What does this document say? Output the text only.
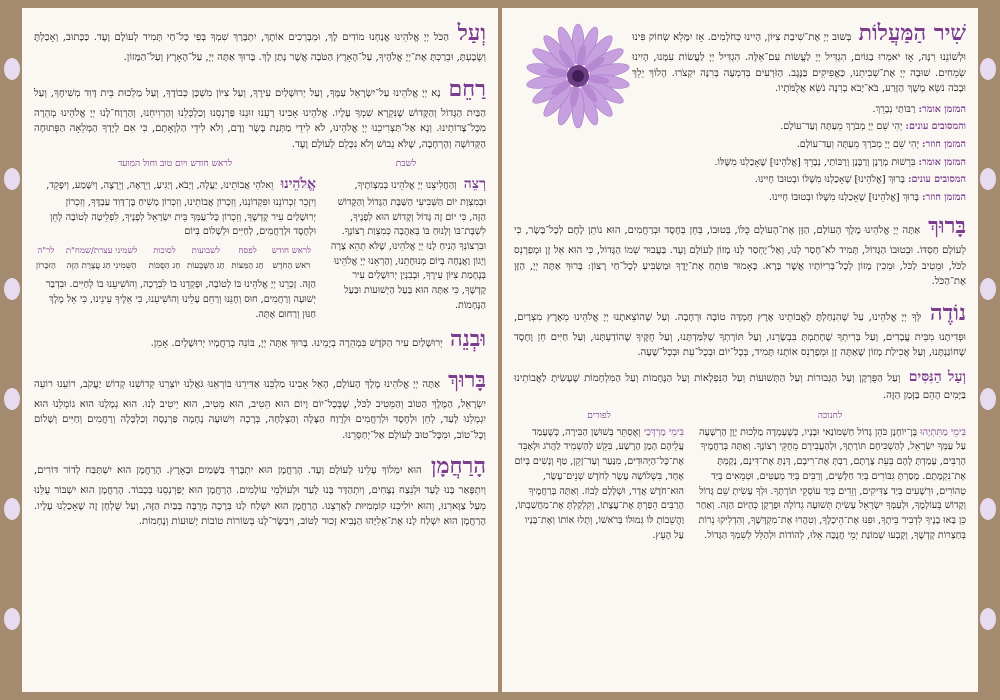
שִׁיר הַמַּעֲלוֹת בְּשׁוּב יְיָ אֶת־שִׁיבַת צִיּוֹן, הָיִינוּ כְּחֹלְמִים. אָז יִמָּלֵא שְׂחוֹק פִּינוּ וּלְשׁוֹנֵנוּ רִנָּה, אָז יֹאמְרוּ בַגּוֹיִם, הִגְדִּיל יְיָ לַעֲשׂוֹת עִם־אֵלֶּה. הִגְדִּיל יְיָ לַעֲשׂוֹת עִמָּנוּ, הָיִינוּ שְׂמֵחִים. שׁוּבָה יְיָ אֶת־שְׁבִיתֵנוּ, כַּאֲפִיקִים בַּנֶּגֶב. הַזֹּרְעִים בְּדִמְעָה בְּרִנָּה יִקְצֹרוּ. הָלוֹךְ יֵלֵךְ וּבָכֹה נֹשֵׂא מֶשֶׁךְ הַזָּרַע, בֹּא־יָבֹא בְרִנָּה נֹשֵׂא אֲלֻמֹּתָיו.

המזמן אומר: רַבּוֹתַי נְבָרֵךְ.
והמסובים עונים: יְהִי שֵׁם יְיָ מְבֹרָךְ מֵעַתָּה וְעַד־עוֹלָם.
המזמן חוזר: יְהִי שֵׁם יְיָ מְבֹרָךְ מֵעַתָּה וְעַד־עוֹלָם.
המזמן אומר: בִּרְשׁוּת מָרָנָן וְרַבָּנָן וְרַבּוֹתַי, נְבָרֵךְ [אֱלֹהֵינוּ] שֶׁאָכַלְנוּ מִשֶּׁלּוֹ.
המסובים עונים: בָּרוּךְ [אֱלֹהֵינוּ] שֶׁאָכַלְנוּ מִשֶּׁלּוֹ וּבְטוּבוֹ חָיִינוּ.
המזמן חוזר: בָּרוּךְ [אֱלֹהֵינוּ] שֶׁאָכַלְנוּ מִשֶּׁלּוֹ וּבְטוּבוֹ חָיִינוּ.

בָּרוּךְ אַתָּה יְיָ אֱלֹהֵינוּ מֶלֶךְ הָעוֹלָם, הַזָּן אֶת־הָעוֹלָם כֻּלּוֹ, בְּטוּבוֹ, בְּחֵן בְּחֶסֶד וּבְרַחֲמִים, הוּא נוֹתֵן לֶחֶם לְכָל־בָּשָׂר, כִּי לְעוֹלָם חַסְדּוֹ. וּבְטוּבוֹ הַגָּדוֹל, תָּמִיד לֹא־חָסַר לָנוּ, וְאַל־יֶחְסַר לָנוּ מָזוֹן לְעוֹלָם וָעֶד. בַּעֲבוּר שְׁמוֹ הַגָּדוֹל, כִּי הוּא אֵל זָן וּמְפַרְנֵס לַכֹּל, וּמֵטִיב לַכֹּל, וּמֵכִין מָזוֹן לְכָל־בְּרִיּוֹתָיו אֲשֶׁר בָּרָא. כָּאָמוּר פּוֹתֵחַ אֶת־יָדֶךָ וּמַשְׂבִּיעַ לְכָל־חַי רָצוֹן: בָּרוּךְ אַתָּה יְיָ, הַזָּן אֶת־הַכֹּל.

נוֹדֶה לְּךָ יְיָ אֱלֹהֵינוּ, עַל שֶׁהִנְחַלְתָּ לַאֲבוֹתֵינוּ אֶרֶץ חֶמְדָּה טוֹבָה וּרְחָבָה. וְעַל שֶׁהוֹצֵאתָנוּ יְיָ אֱלֹהֵינוּ מֵאֶרֶץ מִצְרַיִם, וּפְדִיתָנוּ מִבֵּית עֲבָדִים, וְעַל בְּרִיתְךָ שֶׁחָתַמְתָּ בִּבְשָׂרֵנוּ, וְעַל תּוֹרָתְךָ שֶׁלִּמַּדְתָּנוּ, וְעַל חֻקֶּיךָ שֶׁהוֹדַעְתָּנוּ, וְעַל חַיִּים חֵן וָחֶסֶד שֶׁחוֹנַנְתָּנוּ, וְעַל אֲכִילַת מָזוֹן שָׁאַתָּה זָן וּמְפַרְנֵס אוֹתָנוּ תָּמִיד, בְּכָל־יוֹם וּבְכָל־עֵת וּבְכָל־שָׁעָה.

וְעַל הַנִּסִּים וְעַל הַפֻּרְקָן וְעַל הַגְּבוּרוֹת וְעַל הַתְּשׁוּעוֹת וְעַל הַנִּפְלָאוֹת וְעַל הַנֶּחָמוֹת וְעַל הַמִּלְחָמוֹת שֶׁעָשִׂיתָ לַאֲבוֹתֵינוּ בַּיָּמִים הָהֵם בַּזְּמַן הַזֶּה.

לחנוכה
בִּימֵי מַתִּתְיָהוּ בֶּן־יוֹחָנָן כֹּהֵן גָּדוֹל חַשְׁמוֹנַאי וּבָנָיו, כְּשֶׁעָמְדָה מַלְכוּת יָוָן הָרְשָׁעָה עַל עַמְּךָ יִשְׂרָאֵל, לְהַשְׁכִּיחָם תּוֹרָתֶךָ, וּלְהַעֲבִירָם מֵחֻקֵּי רְצוֹנֶךָ. וְאַתָּה בְּרַחֲמֶיךָ הָרַבִּים, עָמַדְתָּ לָהֶם בְּעֵת צָרָתָם, רַבְתָּ אֶת־רִיבָם, דַּנְתָּ אֶת־דִּינָם, נָקַמְתָּ אֶת־נִקְמָתָם. מָסַרְתָּ גִּבּוֹרִים בְּיַד חַלָּשִׁים, וְרַבִּים בְּיַד מְעַטִּים, וּטְמֵאִים בְּיַד טְהוֹרִים, וּרְשָׁעִים בְּיַד צַדִּיקִים, וְזֵדִים בְּיַד עוֹסְקֵי תוֹרָתֶךָ. וּלְךָ עָשִׂיתָ שֵׁם גָּדוֹל וְקָדוֹשׁ בְּעוֹלָמֶךָ, וּלְעַמְּךָ יִשְׂרָאֵל עָשִׂיתָ תְּשׁוּעָה גְדוֹלָה וּפֻרְקָן כְּהַיּוֹם הַזֶּה. וְאַחַר כֵּן בָּאוּ בָנֶיךָ לִדְבִיר בֵּיתֶךָ, וּפִנּוּ אֶת־הֵיכָלֶךָ, וְטִהֲרוּ אֶת־מִקְדָּשֶׁךָ, וְהִדְלִיקוּ נֵרוֹת בְּחַצְרוֹת קָדְשֶׁךָ, וְקָבְעוּ שְׁמוֹנַת יְמֵי חֲנֻכָּה אֵלּוּ, לְהוֹדוֹת וּלְהַלֵּל לְשִׁמְךָ הַגָּדוֹל.
לפורים
בִּימֵי מָרְדְּכַי וְאֶסְתֵּר בְּשׁוּשַׁן הַבִּירָה, כְּשֶׁעָמַד עֲלֵיהֶם הָמָן הָרָשָׁע, בִּקֵּשׁ לְהַשְׁמִיד לַהֲרֹג וּלְאַבֵּד אֶת־כָּל־הַיְּהוּדִים, מִנַּעַר וְעַד־זָקֵן, טַף וְנָשִׁים בְּיוֹם אֶחָד, בִּשְׁלוֹשָׁה עָשָׂר לְחֹדֶשׁ שְׁנֵים־עָשָׂר, הוּא־חֹדֶשׁ אֲדָר, וּשְׁלָלָם לָבוֹז. וְאַתָּה בְּרַחֲמֶיךָ הָרַבִּים הֵפַרְתָּ אֶת־עֲצָתוֹ, וְקִלְקַלְתָּ אֶת־מַחֲשַׁבְתּוֹ, וַהֲשֵׁבוֹתָ לּוֹ גְּמוּלוֹ בְּרֹאשׁוֹ, וְתָלוּ אוֹתוֹ וְאֶת־בָּנָיו עַל הָעֵץ.

וְעַל הַכֹּל יְיָ אֱלֹהֵינוּ אֲנַחְנוּ מוֹדִים לָךְ, וּמְבָרְכִים אוֹתָךְ, יִתְבָּרַךְ שִׁמְךָ בְּפִי כָּל־חַי תָּמִיד לְעוֹלָם וָעֶד. כַּכָּתוּב, וְאָכַלְתָּ וְשָׂבָעְתָּ, וּבֵרַכְתָּ אֶת־יְיָ אֱלֹהֶיךָ, עַל־הָאָרֶץ הַטֹּבָה אֲשֶׁר נָתַן לָךְ. בָּרוּךְ אַתָּה יְיָ, עַל־הָאָרֶץ וְעַל־הַמָּזוֹן.

רַחֵם נָא יְיָ אֱלֹהֵינוּ עַל־יִשְׂרָאֵל עַמֶּךָ, וְעַל יְרוּשָׁלַיִם עִירֶךָ, וְעַל צִיּוֹן מִשְׁכַּן כְּבוֹדֶךָ, וְעַל מַלְכוּת בֵּית דָּוִד מְשִׁיחֶךָ, וְעַל הַבַּיִת הַגָּדוֹל וְהַקָּדוֹשׁ שֶׁנִּקְרָא שִׁמְךָ עָלָיו. אֱלֹהֵינוּ אָבִינוּ רְעֵנוּ זוּנֵנוּ פַּרְנְסֵנוּ וְכַלְכְּלֵנוּ וְהַרְוִיחֵנוּ, וְהַרְוַח־לָנוּ יְיָ אֱלֹהֵינוּ מְהֵרָה מִכָּל־צָרוֹתֵינוּ. וְנָא אַל־תַּצְרִיכֵנוּ יְיָ אֱלֹהֵינוּ, לֹא לִידֵי מַתְּנַת בָּשָׂר וָדָם, וְלֹא לִידֵי הַלְוָאָתָם, כִּי אִם לְיָדְךָ הַמְּלֵאָה הַפְּתוּחָה הַקְּדוֹשָׁה וְהָרְחָבָה, שֶׁלֹּא נֵבוֹשׁ וְלֹא נִכָּלֵם לְעוֹלָם וָעֶד.

לשבת
רְצֵה וְהַחֲלִיצֵנוּ יְיָ אֱלֹהֵינוּ בְּמִצְוֹתֶיךָ, וּבְמִצְוַת יוֹם הַשְּׁבִיעִי הַשַּׁבָּת הַגָּדוֹל וְהַקָּדוֹשׁ הַזֶּה, כִּי יוֹם זֶה גָּדוֹל וְקָדוֹשׁ הוּא לְפָנֶיךָ, לִשְׁבָּת־בּוֹ וְלָנוּחַ בּוֹ בְּאַהֲבָה כְּמִצְוַת רְצוֹנֶךָ. וּבִרְצוֹנְךָ הָנִיחַ לָנוּ יְיָ אֱלֹהֵינוּ, שֶׁלֹּא תְהֵא צָרָה וְיָגוֹן וַאֲנָחָה בְּיוֹם מְנוּחָתֵנוּ, וְהַרְאֵנוּ יְיָ אֱלֹהֵינוּ בְּנֶחָמַת צִיּוֹן עִירֶךָ, וּבְבִנְיַן יְרוּשָׁלַיִם עִיר קָדְשֶׁךָ, כִּי אַתָּה הוּא בַּעַל הַיְשׁוּעוֹת וּבַעַל הַנֶּחָמוֹת.
לראש חודש ויום טוב וחול המועד
אֱלֹהֵינוּ וֵאלֹהֵי אֲבוֹתֵינוּ, יַעֲלֶה, וְיָבֹא, וְיַגִּיעַ, וְיֵרָאֶה, וְיֵרָצֶה, וְיִשָּׁמַע, וְיִפָּקֵד, וְיִזָּכֵר זִכְרוֹנֵנוּ וּפִקְדוֹנֵנוּ, וְזִכְרוֹן אֲבוֹתֵינוּ, וְזִכְרוֹן מָשִׁיחַ בֶּן־דָּוִד עַבְדֶּךָ, וְזִכְרוֹן יְרוּשָׁלַיִם עִיר קָדְשֶׁךָ, וְזִכְרוֹן כָּל־עַמְּךָ בֵּית יִשְׂרָאֵל לְפָנֶיךָ, לִפְלֵיטָה לְטוֹבָה לְחֵן וּלְחֶסֶד וּלְרַחֲמִים, לְחַיִּים וּלְשָׁלוֹם בְּיוֹם
לראש חודש	לפסח	לשבועות	לסוכות	לשמיני עצרת/שמח"ת	לר"ה
רֹאשׁ הַחֹדֶשׁ	חַג הַמַּצּוֹת	חַג הַשָּׁבֻעוֹת	חַג הַסֻּכּוֹת	הַשְּׁמִינִי חַג עֲצֶרֶת הַזֶּה	הַזִּכָּרוֹן
הַזֶּה. זָכְרֵנוּ יְיָ אֱלֹהֵינוּ בּוֹ לְטוֹבָה, וּפָקְדֵנוּ בוֹ לִבְרָכָה, וְהוֹשִׁיעֵנוּ בוֹ לְחַיִּים. וּבִדְבַר יְשׁוּעָה וְרַחֲמִים, חוּס וְחָנֵּנוּ וְרַחֵם עָלֵינוּ וְהוֹשִׁיעֵנוּ, כִּי אֵלֶיךָ עֵינֵינוּ, כִּי אֵל מֶלֶךְ חַנּוּן וְרַחוּם אָתָּה.

וּבְנֵה יְרוּשָׁלַיִם עִיר הַקֹּדֶשׁ בִּמְהֵרָה בְיָמֵינוּ. בָּרוּךְ אַתָּה יְיָ, בּוֹנֵה בְרַחֲמָיו יְרוּשָׁלָיִם. אָמֵן.

בָּרוּךְ אַתָּה יְיָ אֱלֹהֵינוּ מֶלֶךְ הָעוֹלָם, הָאֵל אָבִינוּ מַלְכֵּנוּ אַדִּירֵנוּ בּוֹרְאֵנוּ גֹּאֲלֵנוּ יוֹצְרֵנוּ קְדוֹשֵׁנוּ קְדוֹשׁ יַעֲקֹב, רוֹעֵנוּ רוֹעֵה יִשְׂרָאֵל, הַמֶּלֶךְ הַטּוֹב וְהַמֵּטִיב לַכֹּל, שֶׁבְּכָל־יוֹם וָיוֹם הוּא הֵטִיב, הוּא מֵטִיב, הוּא יֵיטִיב לָנוּ. הוּא גְמָלָנוּ הוּא גוֹמְלֵנוּ הוּא יִגְמְלֵנוּ לָעַד, לְחֵן וּלְחֶסֶד וּלְרַחֲמִים וּלְרֶוַח הַצָּלָה וְהַצְלָחָה, בְּרָכָה וִישׁוּעָה נֶחָמָה פַּרְנָסָה וְכַלְכָּלָה וְרַחֲמִים וְחַיִּים וְשָׁלוֹם וְכָל־טוֹב, וּמִכָּל־טוּב לְעוֹלָם אַל־יְחַסְּרֵנוּ.

הָרַחֲמָן הוּא יִמְלוֹךְ עָלֵינוּ לְעוֹלָם וָעֶד. הָרַחֲמָן הוּא יִתְבָּרַךְ בַּשָּׁמַיִם וּבָאָרֶץ. הָרַחֲמָן הוּא יִשְׁתַּבַּח לְדוֹר דּוֹרִים, וְיִתְפָּאַר בָּנוּ לָעַד וּלְנֵצַח נְצָחִים, וְיִתְהַדַּר בָּנוּ לָעַד וּלְעוֹלְמֵי עוֹלָמִים. הָרַחֲמָן הוּא יְפַרְנְסֵנוּ בְּכָבוֹד. הָרַחֲמָן הוּא יִשְׁבּוֹר עֻלֵּנוּ מֵעַל צַוָּארֵנוּ, וְהוּא יוֹלִיכֵנוּ קוֹמְמִיּוּת לְאַרְצֵנוּ. הָרַחֲמָן הוּא יִשְׁלַח לָנוּ בְּרָכָה מְרֻבָּה בַּבַּיִת הַזֶּה, וְעַל שֻׁלְחָן זֶה שֶׁאָכַלְנוּ עָלָיו. הָרַחֲמָן הוּא יִשְׁלַח לָנוּ אֶת־אֵלִיָּהוּ הַנָּבִיא זָכוּר לַטּוֹב, וִיבַשֶּׂר־לָנוּ בְּשׂוֹרוֹת טוֹבוֹת יְשׁוּעוֹת וְנֶחָמוֹת.
